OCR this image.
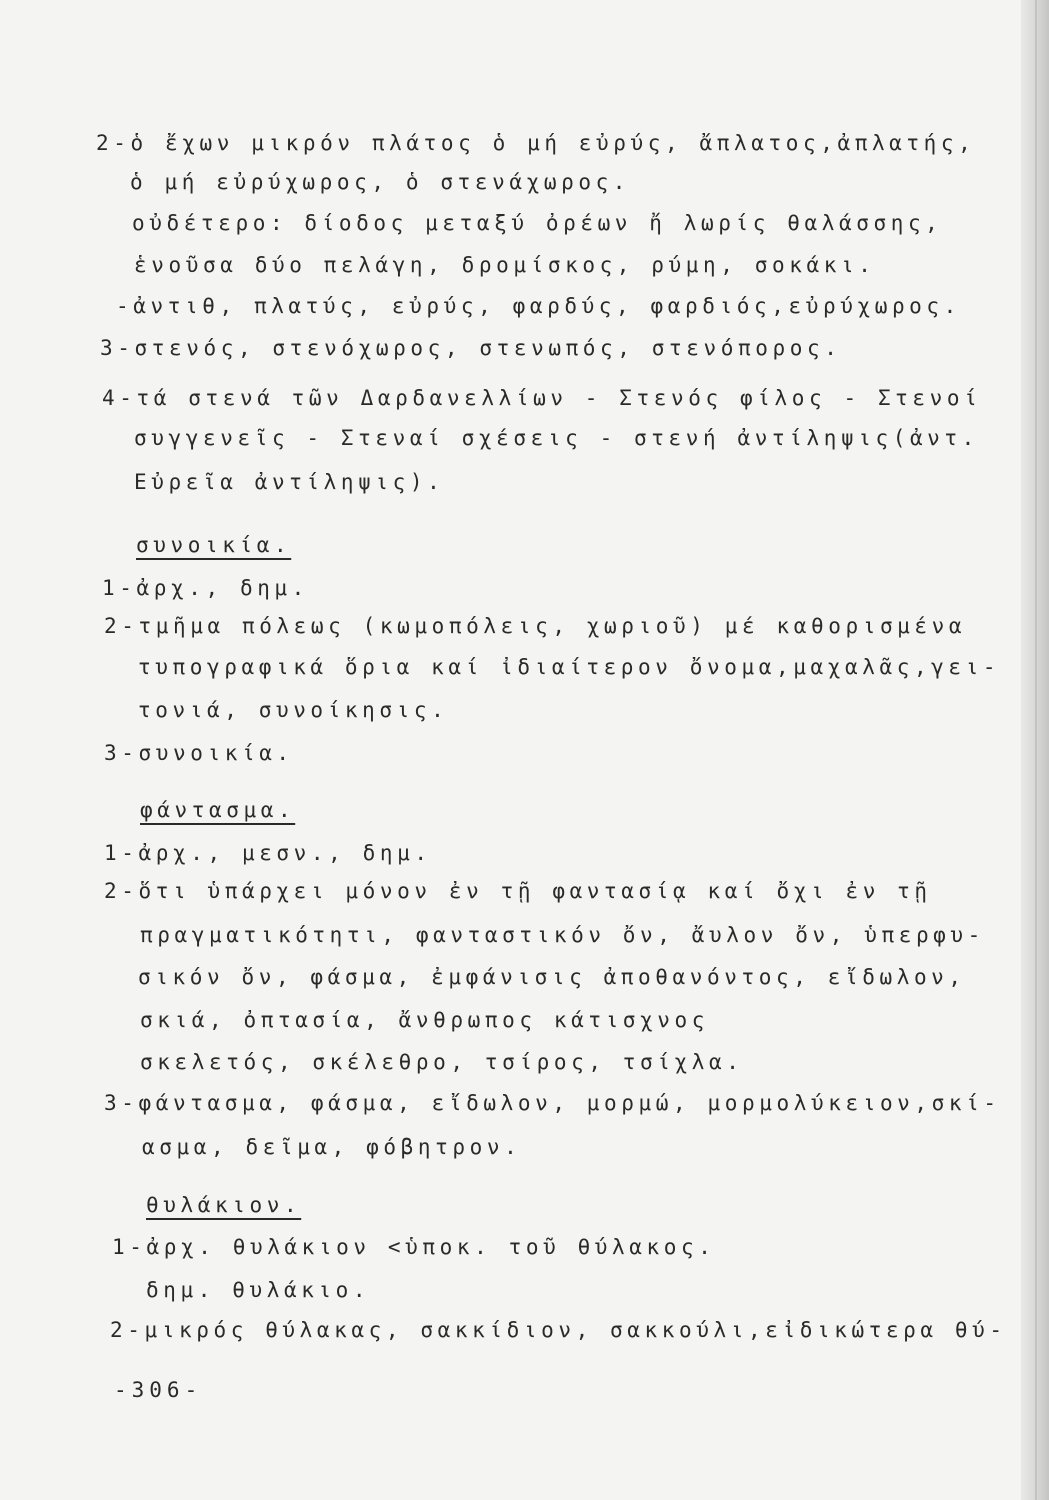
2-ὁ ἔχων μικρόν πλάτος ὁ μή εὐρύς, ἄπλατος,ἀπλατής,
ὁ μή εὐρύχωρος, ὁ στενάχωρος.
οὐδέτερο: δίοδος μεταξύ ὀρέων ἤ λωρίς θαλάσσης,
ἑνοῦσα δύο πελάγη, δρομίσκος, ρύμη, σοκάκι.
-ἀντιθ, πλατύς, εὐρύς, φαρδύς, φαρδιός,εὐρύχωρος.
3-στενός, στενόχωρος, στενωπός, στενόπορος.
4-τά στενά τῶν Δαρδανελλίων - Στενός φίλος - Στενοί
συγγενεῖς - Στεναί σχέσεις - στενή ἀντίληψις(ἀντ.
Εὐρεῖα ἀντίληψις).
συνοικία.
1-ἀρχ., δημ.
2-τμῆμα πόλεως (κωμοπόλεις, χωριοῦ) μέ καθορισμένα
τυπογραφικά ὅρια καί ἰδιαίτερον ὄνομα,μαχαλᾶς,γει-
τονιά, συνοίκησις.
3-συνοικία.
φάντασμα.
1-ἀρχ., μεσν., δημ.
2-ὅτι ὑπάρχει μόνον ἐν τῇ φαντασίᾳ καί ὄχι ἐν τῇ
πραγματικότητι, φανταστικόν ὄν, ἄυλον ὄν, ὑπερφυ-
σικόν ὄν, φάσμα, ἐμφάνισις ἀποθανόντος, εἴδωλον,
σκιά, ὀπτασία, ἄνθρωπος κάτισχνος
σκελετός, σκέλεθρο, τσίρος, τσίχλα.
3-φάντασμα, φάσμα, εἴδωλον, μορμώ, μορμολύκειον,σκί-
ασμα, δεῖμα, φόβητρον.
θυλάκιον.
1-ἀρχ. θυλάκιον <ὑποκ. τοῦ θύλακος.
δημ. θυλάκιο.
2-μικρός θύλακας, σακκίδιον, σακκούλι,εἰδικώτερα θύ-
-306-
